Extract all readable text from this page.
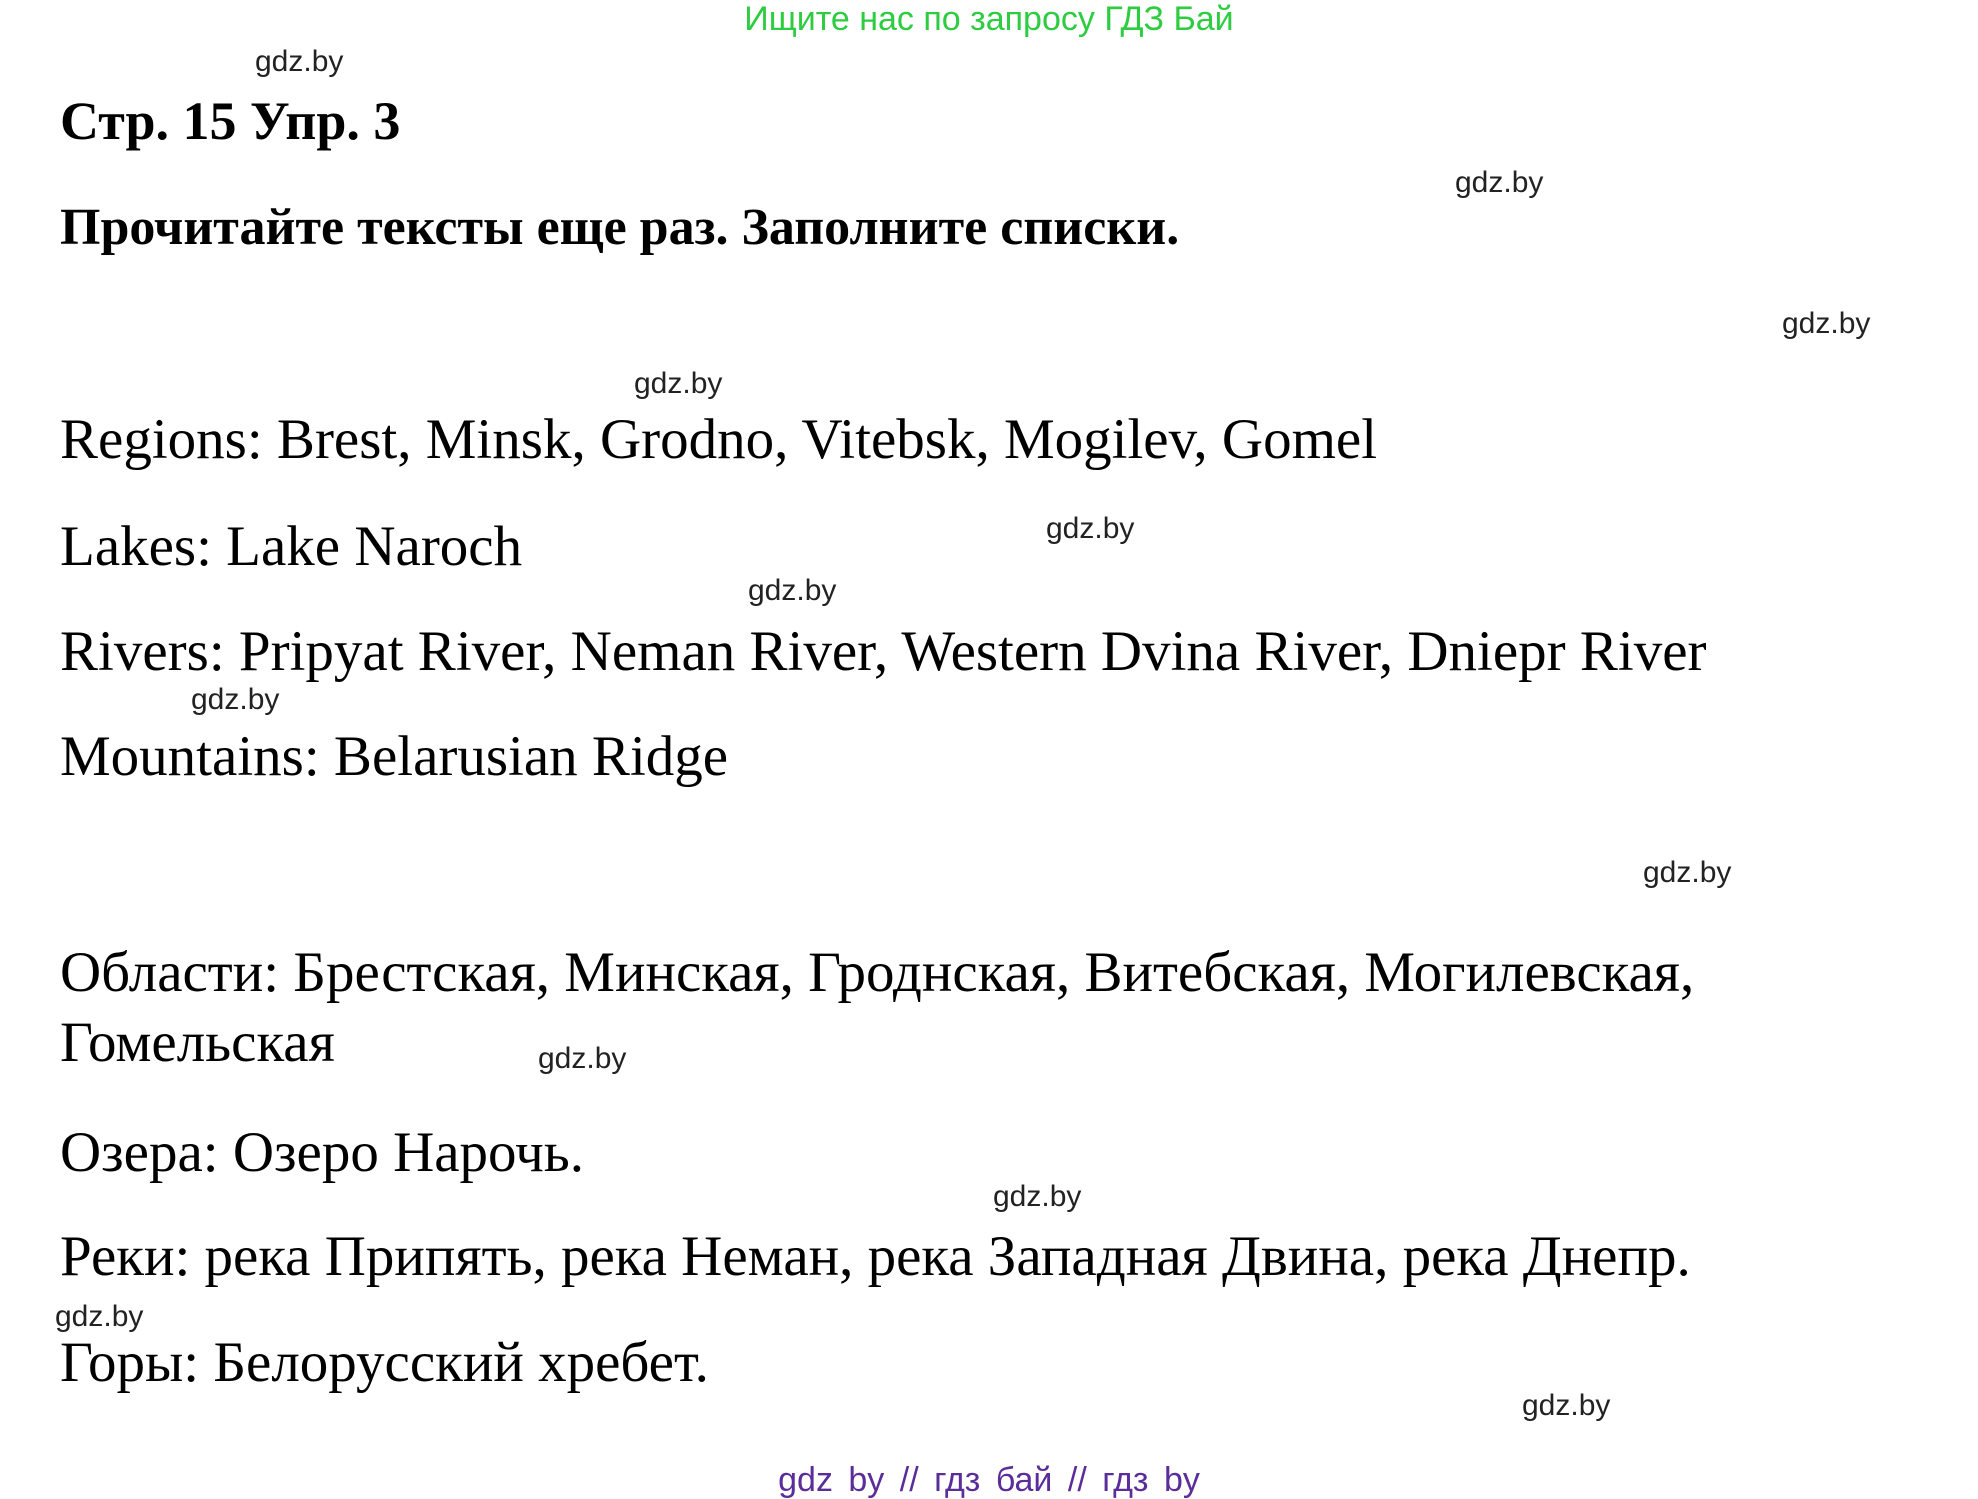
Ищите нас по запросу ГДЗ Бай
Стр. 15 Упр. 3
Прочитайте тексты еще раз. Заполните списки.
Regions: Brest, Minsk, Grodno, Vitebsk, Mogilev, Gomel
Lakes: Lake Naroch
Rivers: Pripyat River, Neman River, Western Dvina River, Dniepr River
Mountains: Belarusian Ridge
Области: Брестская, Минская, Гроднская, Витебская, Могилевская,
Гомельская
Озера: Озеро Нарочь.
Реки: река Припять, река Неман, река Западная Двина, река Днепр.
Горы: Белорусский хребет.
gdz.by
gdz.by
gdz.by
gdz.by
gdz.by
gdz.by
gdz.by
gdz.by
gdz.by
gdz.by
gdz.by
gdz.by
gdz by // гдз бай // гдз by
